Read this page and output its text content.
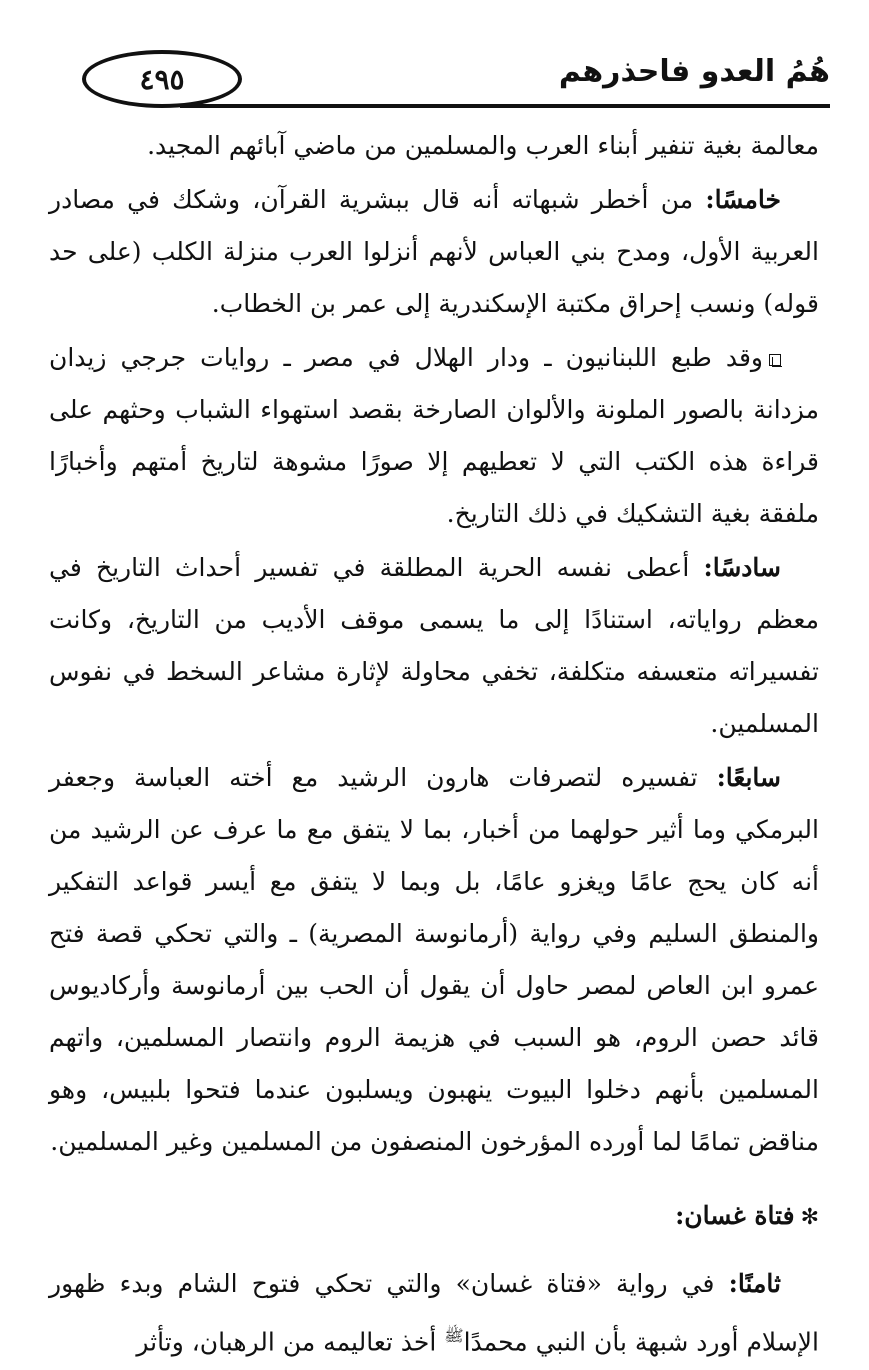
٤٩٥	هُمُ العدو فاحذرهم

معالمة بغية تنفير أبناء العرب والمسلمين من ماضي آبائهم المجيد.

خامسًا: من أخطر شبهاته أنه قال ببشرية القرآن، وشكك في مصادر العربية الأول، ومدح بني العباس لأنهم أنزلوا العرب منزلة الكلب (على حد قوله) ونسب إحراق مكتبة الإسكندرية إلى عمر بن الخطاب.

وقد طبع اللبنانيون ـ ودار الهلال في مصر ـ روايات جرجي زيدان مزدانة بالصور الملونة والألوان الصارخة بقصد استهواء الشباب وحثهم على قراءة هذه الكتب التي لا تعطيهم إلا صورًا مشوهة لتاريخ أمتهم وأخبارًا ملفقة بغية التشكيك في ذلك التاريخ.

سادسًا: أعطى نفسه الحرية المطلقة في تفسير أحداث التاريخ في معظم رواياته، استنادًا إلى ما يسمى موقف الأديب من التاريخ، وكانت تفسيراته متعسفه متكلفة، تخفي محاولة لإثارة مشاعر السخط في نفوس المسلمين.

سابعًا: تفسيره لتصرفات هارون الرشيد مع أخته العباسة وجعفر البرمكي وما أثير حولهما من أخبار، بما لا يتفق مع ما عرف عن الرشيد من أنه كان يحج عامًا ويغزو عامًا، بل وبما لا يتفق مع أيسر قواعد التفكير والمنطق السليم وفي رواية (أرمانوسة المصرية) ـ والتي تحكي قصة فتح عمرو ابن العاص لمصر حاول أن يقول أن الحب بين أرمانوسة وأركاديوس قائد حصن الروم، هو السبب في هزيمة الروم وانتصار المسلمين، واتهم المسلمين بأنهم دخلوا البيوت ينهبون ويسلبون عندما فتحوا بلبيس، وهو مناقض تمامًا لما أورده المؤرخون المنصفون من المسلمين وغير المسلمين.

✻فتاة غسان:

ثامنًا: في رواية «فتاة غسان» والتي تحكي فتوح الشام وبدء ظهور الإسلام أورد شبهة بأن النبي محمدًا$^ﷺ$ أخذ تعاليمه من الرهبان، وتأثر
